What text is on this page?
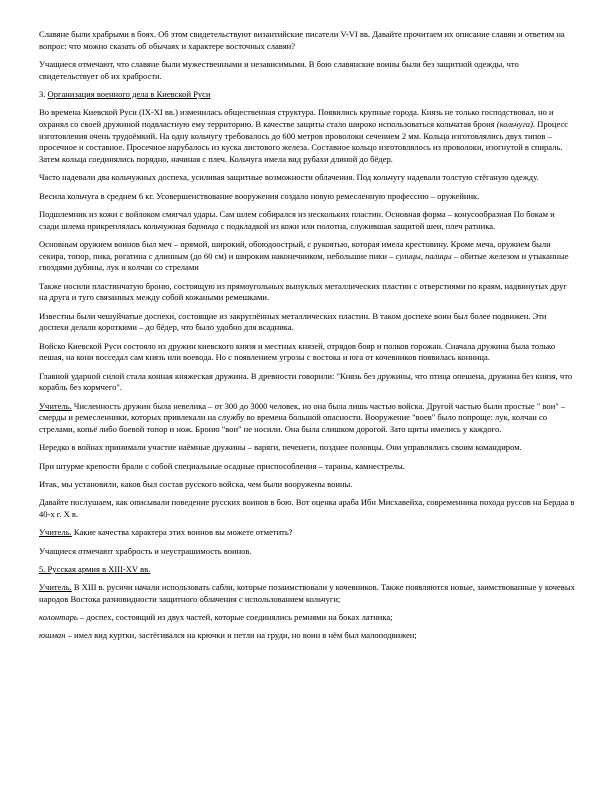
Славяне были храбрыми в боях. Об этом свидетельствуют византийские писатели V-VI вв. Давайте прочитаем их описание славян и ответим на вопрос: что можно сказать об обычаях и характере восточных славян?

Учащиеся отмечают, что славяне были мужественными и независимыми. В бою славянские воины были без защитной одежды, что свидетельствует об их храбрости.

3. Организация военного дела в Киевской Руси

Во времена Киевской Руси (IX-XI вв.) изменилась общественная структура. Появились крупные города. Князь не только господствовал, но и охранял со своей дружиной подвластную ему территорию. В качестве защиты стало широко использоваться кольчатая броня (кольчуга). Процесс изготовления очень трудоёмкий. На одну кольчугу требовалось до 600 метров проволоки сечением 2 мм. Кольца изготовлялись двух типов – просечное и составное. Просечное нарубалось из куска листового железа. Составное кольцо изготовлялось из проволоки, изогнутой в спираль. Затем кольца соединялись порядно, начиная с плеч. Кольчуга имела вид рубахи длиной до бёдер.

Часто надевали два кольчужных доспеха, усиливая защитные возможности облачения. Под кольчугу надевали толстую стёганую одежду.

Весила кольчуга в среднем 6 кг. Усовершенствование вооружения создало новую ремесленную профессию – оружейник.

Подшлемник из кожи с войлоком смягчал удары. Сам шлем собирался из нескольких пластин. Основная форма – конусообразная По бокам и сзади шлема прикреплялась кольчужная бармица с подкладкой из кожи или полотна, служившая защитой шеи, плеч ратника.

Основным оружием воинов был меч – прямой, широкий, обоюдоострый, с рукоятью, которая имела крестовину. Кроме меча, оружием были секира, топор, пика, рогатина с длинным (до 60 см) и широким наконечником, небольшие пики – сулицы, палицы – обитые железом и утыканные гвоздями дубины, лук и колчан со стрелами

Также носили пластинчатую броню, состоящую из прямоугольных выпуклых металлических пластин с отверстиями по краям, надвинутых друг на друга и туго связанных между собой кожаными ремешками.

Известны были чешуйчатые доспехи, состоящие из закруглённых металлических пластин. В таком доспехе воин был более подвижен. Эти доспехи делали короткими – до бёдер, что было удобно для всадника.

Войско Киевской Руси состояло из дружин киевского князя и местных князей, отрядов бояр и полков горожан. Сначала дружина была только пешая, на кони восседал сам князь или воевода. Но с появлением угрозы с востока и юга от кочевников появилась конница.

Главной ударной силой стала конная княжеская дружина. В древности говорили: "Князь без дружины, что птица опешена, дружина без князя, что корабль без кормчего".

Учитель. Численность дружин была невелика – от 300 до 3000 человек, но она была лишь частью войска. Другой частью были простые " вои" – смерды и ремесленники, которых привлекали на службу во времена большой опасности. Вооружение "воев" было попроще: лук, колчан со стрелами, копьё либо боевой топор и нож. Броню "вои" не носили. Она была слишком дорогой. Зато щиты имелись у каждого.

Нередко в войнах принимали участие наёмные дружины – варяги, печенеги, позднее половцы. Они управлялись своим командиром.

При штурме крепости брали с собой специальные осадные приспособления – тараны, камнестрелы.

Итак, мы установили, каков был состав русского войска, чем были вооружены воины.

Давайте послушаем, как описывали поведение русских воинов в бою. Вот оценка араба Ибн Мисхавейха, современника похода руссов на Бердаа в 40-х г. X в.

Учитель. Какие качества характера этих воинов вы можете отметить?

Учащиеся отмечают храбрость и неустрашимость воинов.

5. Русская армия в XIII-XV вв.

Учитель. В XIII в. русичи начали использовать сабли, которые позаимствовали у кочевников. Также появляются новые, заимствованные у кочевых народов Востока разновидности защитного облачения с использованием кольчуги;

колонтарь – доспех, состоящий из двух частей, которые соединялись ремнями на боках латника;

юшман – имел вид куртки, застёгивался на крючки и петли на груди, но воин в нём был малоподвижен;
